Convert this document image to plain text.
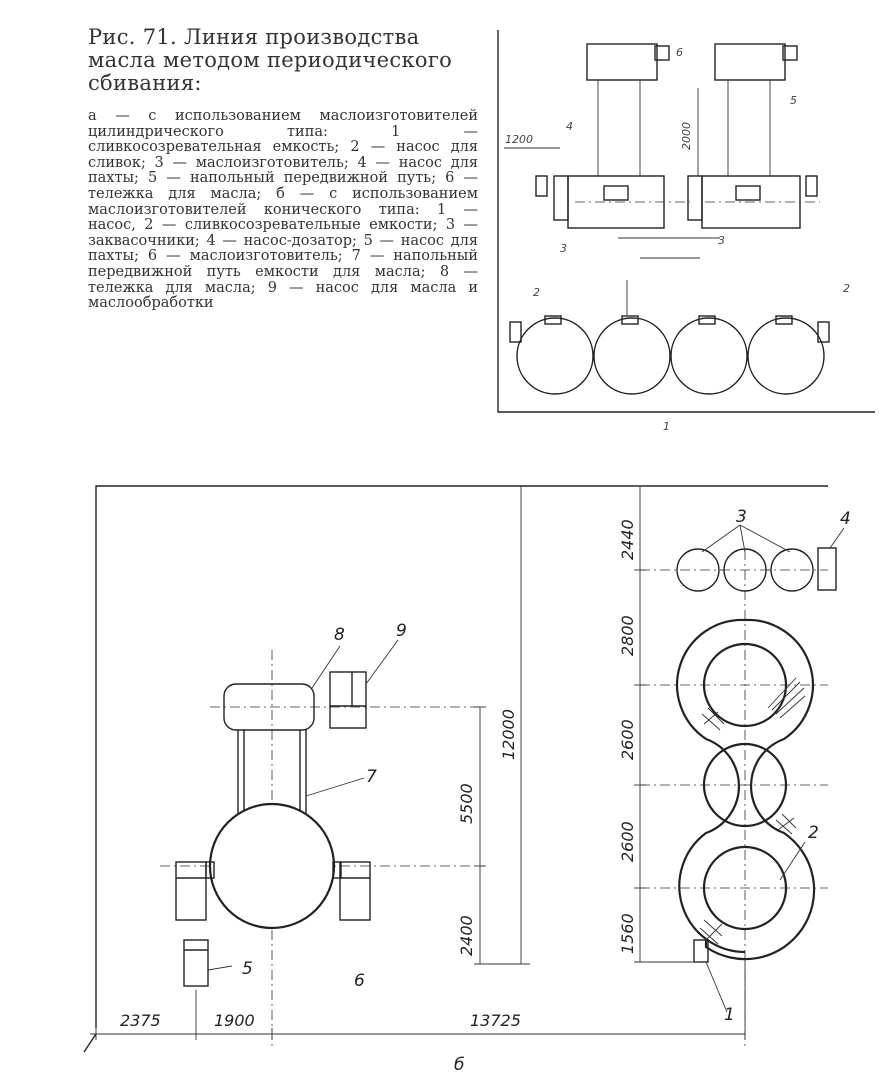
Рис. 71. Линия производства масла методом периодического сбивания:

а — с использованием маслоизготовителей цилиндрического типа: 1 — сливкосозревательная емкость; 2 — насос для сливок; 3 — маслоизготовитель; 4 — насос для пахты; 5 — напольный передвижной путь; 6 — тележка для масла; б — с использованием маслоизготовителей конического типа: 1 — насос, 2 — сливкосозревательные емкости; 3 — заквасочники; 4 — насос-дозатор; 5 — насос для пахты; 6 — маслоизготовитель; 7 — напольный передвижной путь емкости для масла; 8 — тележка для масла; 9 — насос для масла и маслообработки

1200	2000
6
5
4
3
3
2	2
1
2440
2800
2600
2600
1560
5500
2400
12000
2375	1900	13725	1
2
3	4
5
6
7
8	9
б
